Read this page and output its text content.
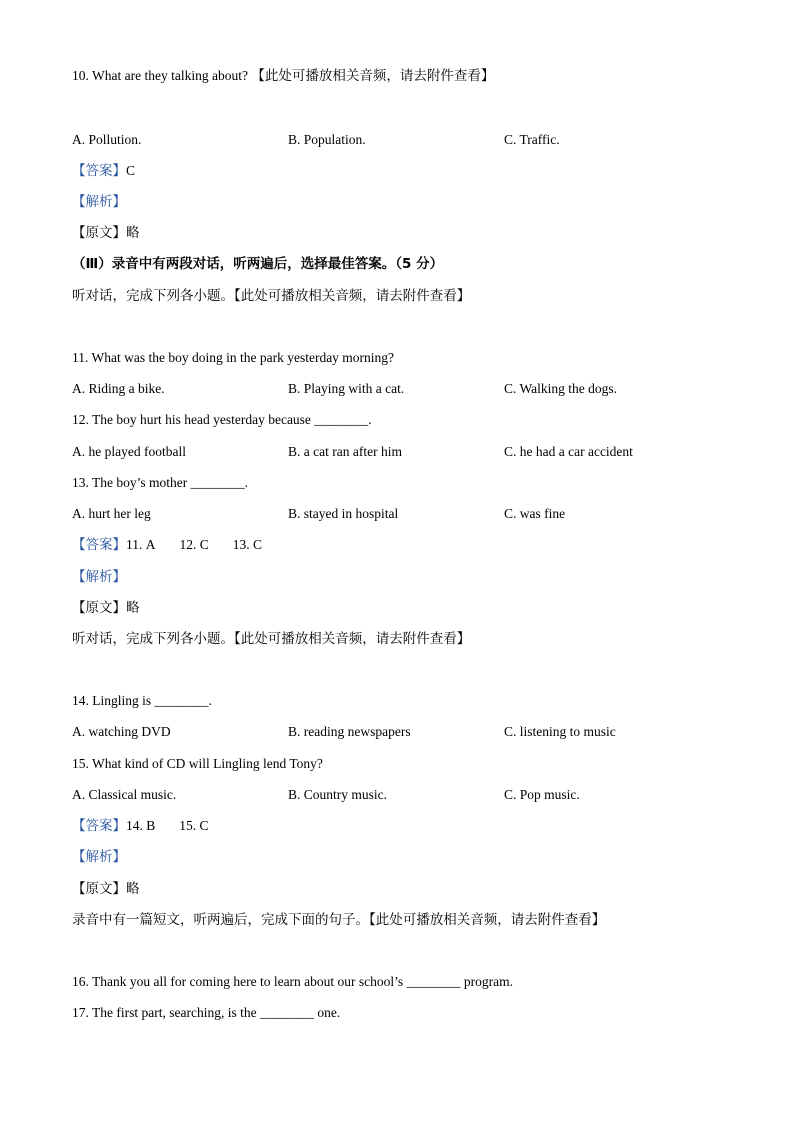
10. What are they talking about? 【此处可播放相关音频，请去附件查看】
A. Pollution.	B. Population.	C. Traffic.
【答案】C
【解析】
【原文】略
（Ⅲ）录音中有两段对话，听两遍后，选择最佳答案。（5 分）
听对话，完成下列各小题。【此处可播放相关音频，请去附件查看】
11. What was the boy doing in the park yesterday morning?
A. Riding a bike.	B. Playing with a cat.	C. Walking the dogs.
12. The boy hurt his head yesterday because ________.
A. he played football	B. a cat ran after him	C. he had a car accident
13. The boy’s mother ________.
A. hurt her leg	B. stayed in hospital	C. was fine
【答案】11. A 12. C 13. C
【解析】
【原文】略
听对话，完成下列各小题。【此处可播放相关音频，请去附件查看】
14. Lingling is ________.
A. watching DVD	B. reading newspapers	C. listening to music
15. What kind of CD will Lingling lend Tony?
A. Classical music.	B. Country music.	C. Pop music.
【答案】14. B 15. C
【解析】
【原文】略
录音中有一篇短文，听两遍后，完成下面的句子。【此处可播放相关音频，请去附件查看】
16. Thank you all for coming here to learn about our school’s ________ program.
17. The first part, searching, is the ________ one.
